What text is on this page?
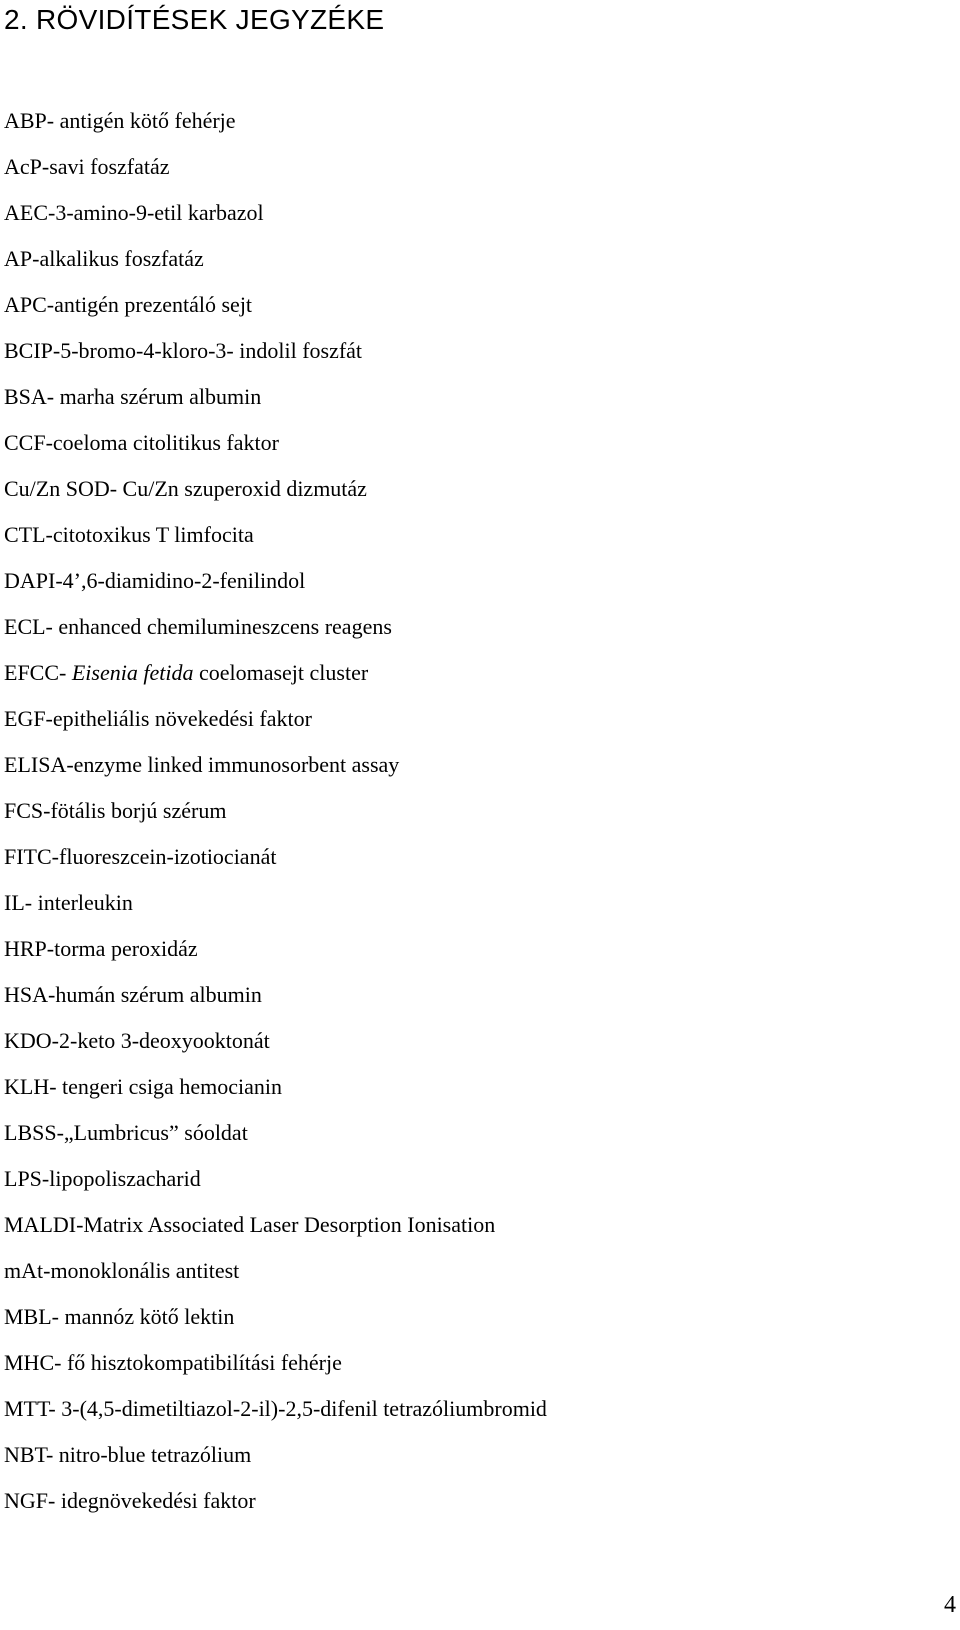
2. RÖVIDÍTÉSEK JEGYZÉKE
ABP- antigén kötő fehérje
AcP-savi foszfatáz
AEC-3-amino-9-etil karbazol
AP-alkalikus foszfatáz
APC-antigén prezentáló sejt
BCIP-5-bromo-4-kloro-3- indolil foszfát
BSA- marha szérum albumin
CCF-coeloma citolitikus faktor
Cu/Zn SOD- Cu/Zn szuperoxid dizmutáz
CTL-citotoxikus T limfocita
DAPI-4’,6-diamidino-2-fenilindol
ECL- enhanced chemilumineszcens reagens
EFCC- Eisenia fetida coelomasejt cluster
EGF-epitheliális növekedési faktor
ELISA-enzyme linked immunosorbent assay
FCS-fötális borjú szérum
FITC-fluoreszcein-izotiocianát
IL- interleukin
HRP-torma peroxidáz
HSA-humán szérum albumin
KDO-2-keto 3-deoxyooktonát
KLH- tengeri csiga hemocianin
LBSS-„Lumbricus” sóoldat
LPS-lipopoliszacharid
MALDI-Matrix Associated Laser Desorption Ionisation
mAt-monoklonális antitest
MBL- mannóz kötő lektin
MHC- fő hisztokompatibilítási fehérje
MTT- 3-(4,5-dimetiltiazol-2-il)-2,5-difenil tetrazóliumbromid
NBT- nitro-blue tetrazólium
NGF- idegnövekedési faktor
4
